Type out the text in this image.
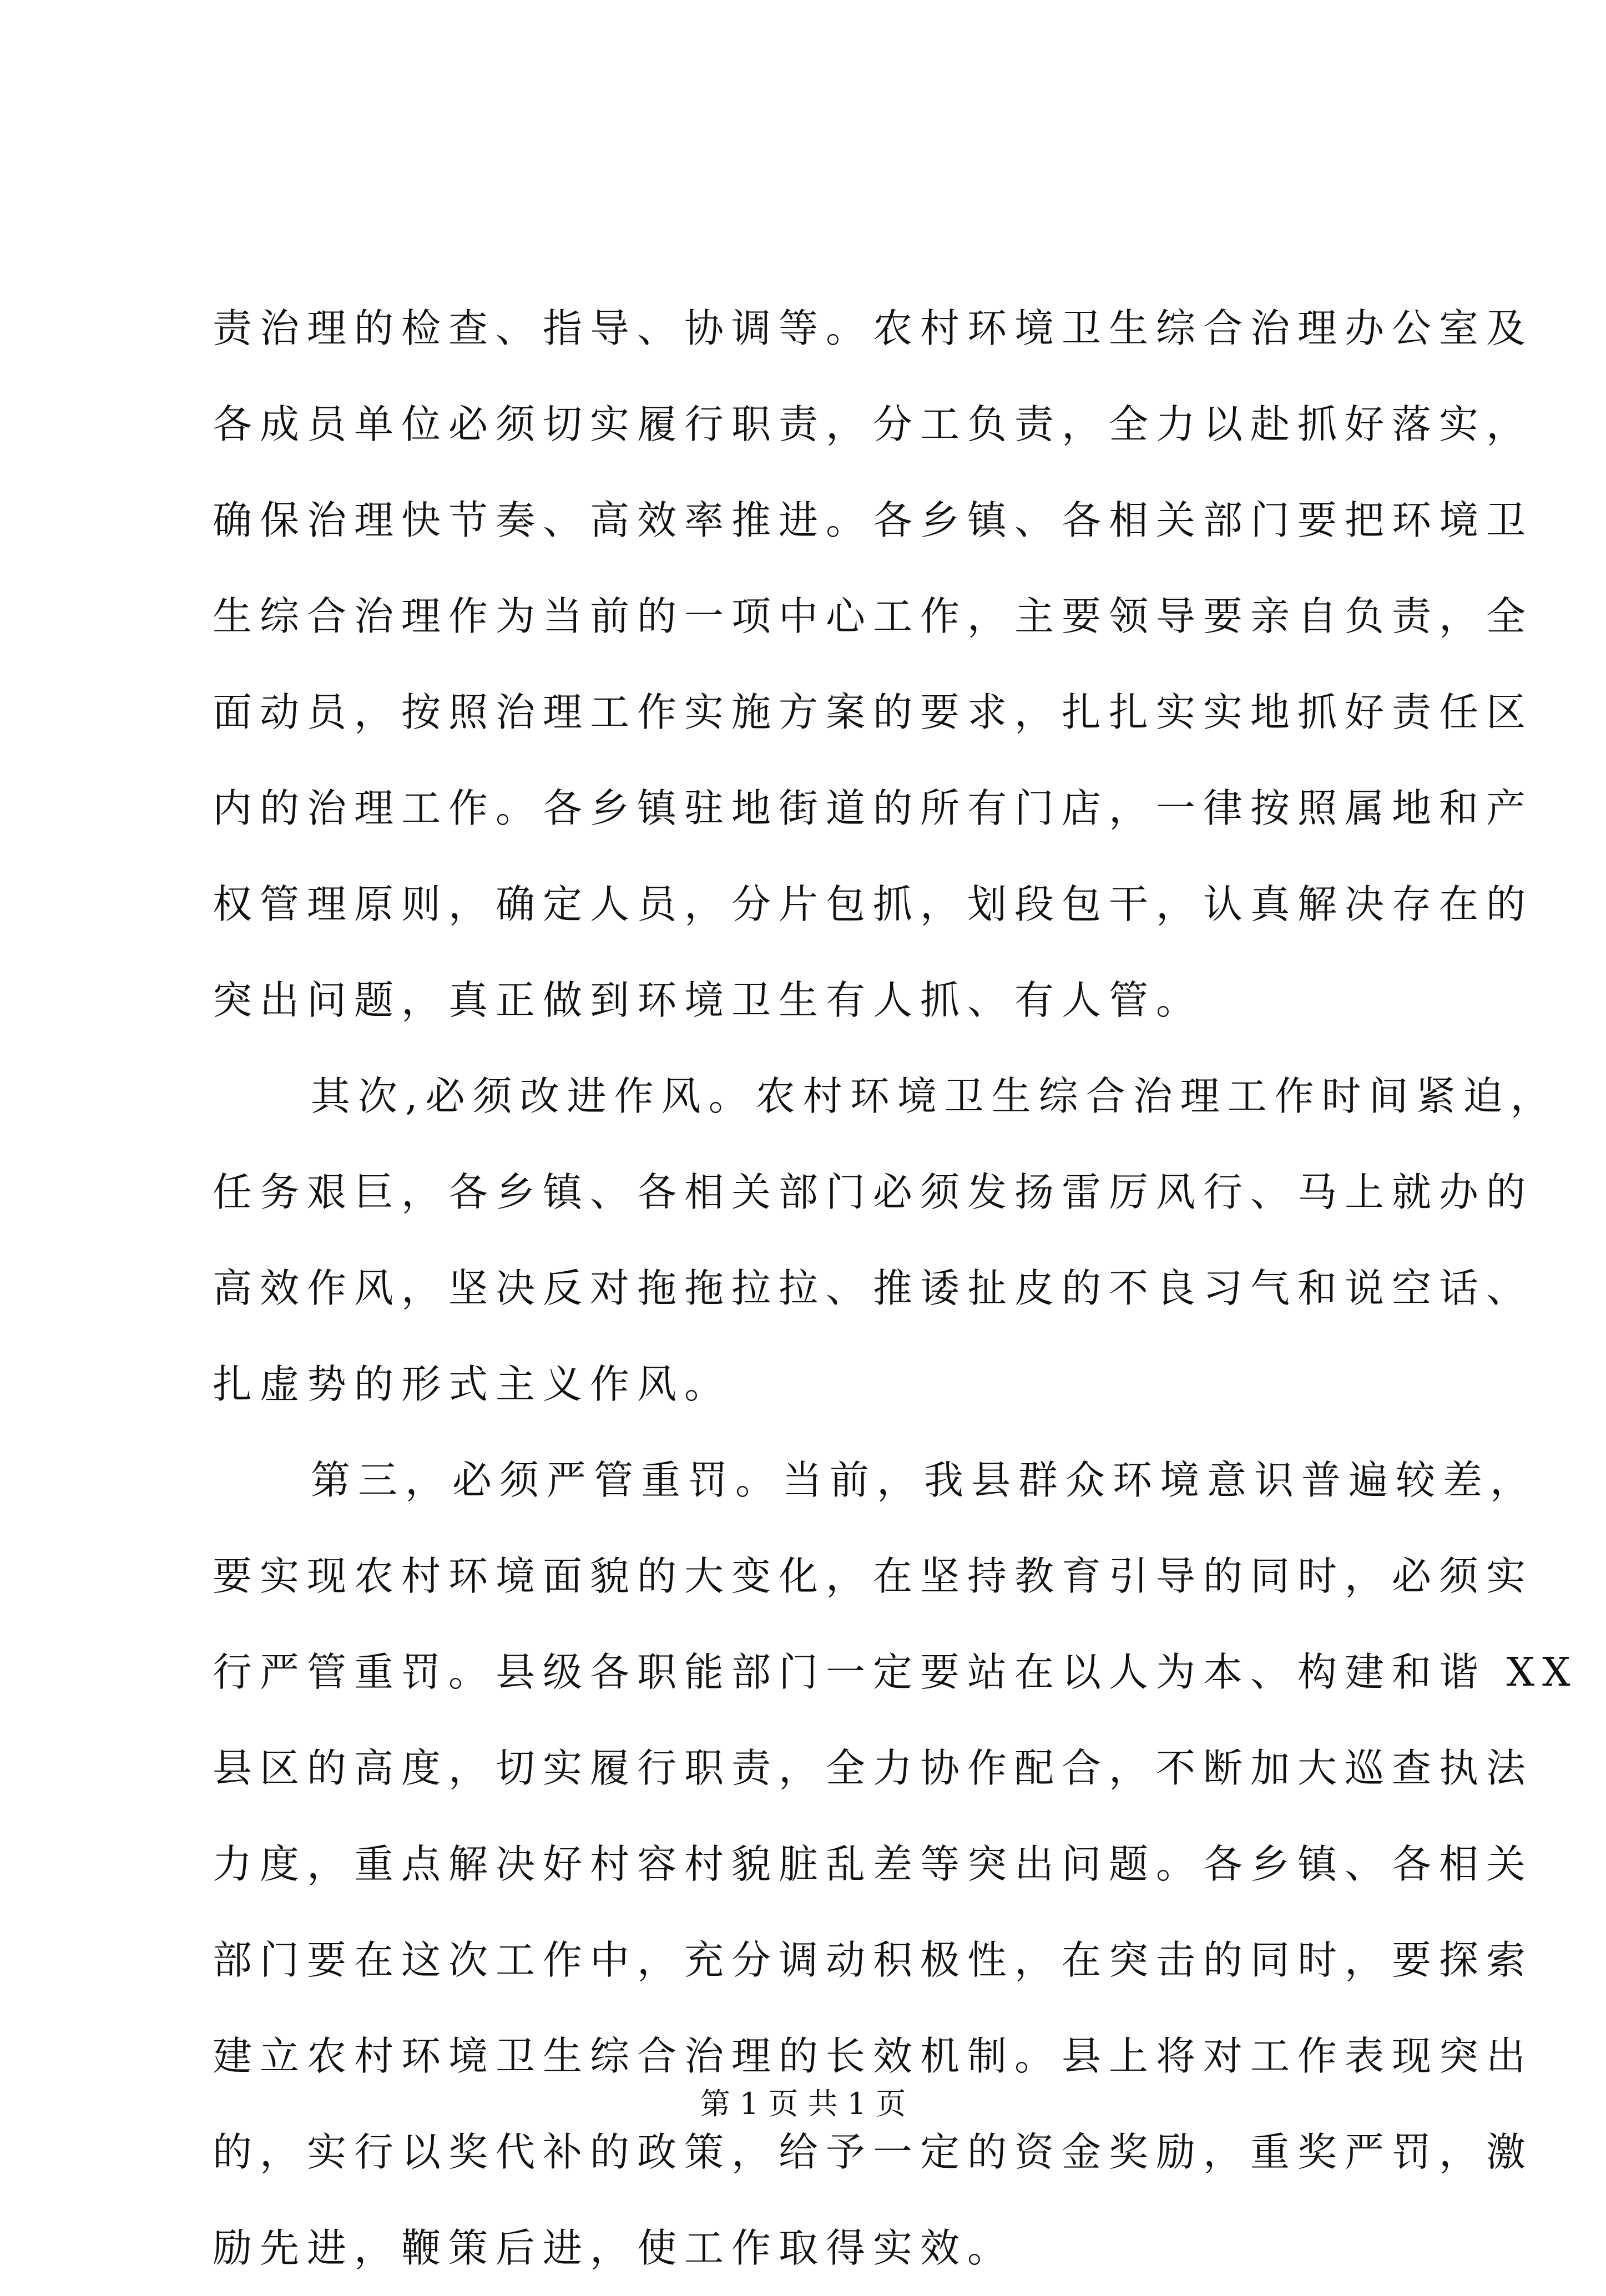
责治理的检查、指导、协调等。农村环境卫生综合治理办公室及
各成员单位必须切实履行职责，分工负责，全力以赴抓好落实，
确保治理快节奏、高效率推进。各乡镇、各相关部门要把环境卫
生综合治理作为当前的一项中心工作，主要领导要亲自负责，全
面动员，按照治理工作实施方案的要求，扎扎实实地抓好责任区
内的治理工作。各乡镇驻地街道的所有门店，一律按照属地和产
权管理原则，确定人员，分片包抓，划段包干，认真解决存在的
突出问题，真正做到环境卫生有人抓、有人管。
其次,必须改进作风。农村环境卫生综合治理工作时间紧迫，
任务艰巨，各乡镇、各相关部门必须发扬雷厉风行、马上就办的
高效作风，坚决反对拖拖拉拉、推诿扯皮的不良习气和说空话、
扎虚势的形式主义作风。
第三，必须严管重罚。当前，我县群众环境意识普遍较差，
要实现农村环境面貌的大变化，在坚持教育引导的同时，必须实
行严管重罚。县级各职能部门一定要站在以人为本、构建和谐 XX
县区的高度，切实履行职责，全力协作配合，不断加大巡查执法
力度，重点解决好村容村貌脏乱差等突出问题。各乡镇、各相关
部门要在这次工作中，充分调动积极性，在突击的同时，要探索
建立农村环境卫生综合治理的长效机制。县上将对工作表现突出
的，实行以奖代补的政策，给予一定的资金奖励，重奖严罚，激
励先进，鞭策后进，使工作取得实效。
第 1 页 共 1 页
